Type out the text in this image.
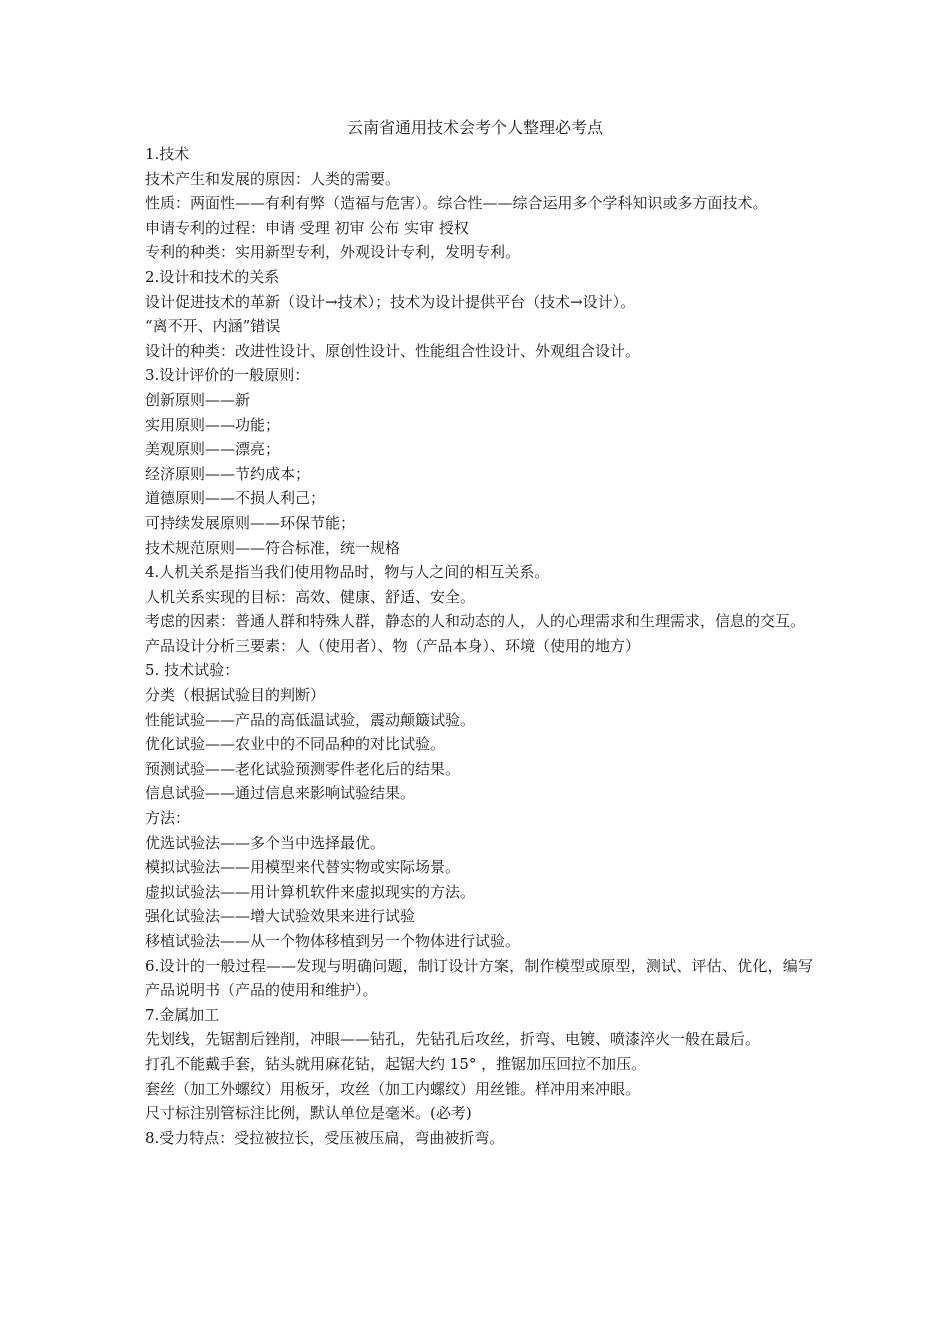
云南省通用技术会考个人整理必考点
1.技术
技术产生和发展的原因：人类的需要。
性质：两面性——有利有弊（造福与危害）。综合性——综合运用多个学科知识或多方面技术。
申请专利的过程：申请 受理 初审 公布 实审 授权
专利的种类：实用新型专利，外观设计专利，发明专利。
2.设计和技术的关系
设计促进技术的革新（设计→技术）；技术为设计提供平台（技术→设计）。
“离不开、内涵”错误
设计的种类：改进性设计、原创性设计、性能组合性设计、外观组合设计。
3.设计评价的一般原则：
创新原则——新
实用原则——功能；
美观原则——漂亮；
经济原则——节约成本；
道德原则——不损人利己；
可持续发展原则——环保节能；
技术规范原则——符合标准，统一规格
4.人机关系是指当我们使用物品时，物与人之间的相互关系。
人机关系实现的目标：高效、健康、舒适、安全。
考虑的因素：普通人群和特殊人群，静态的人和动态的人，人的心理需求和生理需求，信息的交互。
产品设计分析三要素：人（使用者）、物（产品本身）、环境（使用的地方）
5. 技术试验：
分类（根据试验目的判断）
性能试验——产品的高低温试验，震动颠簸试验。
优化试验——农业中的不同品种的对比试验。
预测试验——老化试验预测零件老化后的结果。
信息试验——通过信息来影响试验结果。
方法：
优选试验法——多个当中选择最优。
模拟试验法——用模型来代替实物或实际场景。
虚拟试验法——用计算机软件来虚拟现实的方法。
强化试验法——增大试验效果来进行试验
移植试验法——从一个物体移植到另一个物体进行试验。
6.设计的一般过程——发现与明确问题，制订设计方案，制作模型或原型，测试、评估、优化，编写产品说明书（产品的使用和维护）。
7.金属加工
先划线，先锯割后锉削，冲眼——钻孔，先钻孔后攻丝，折弯、电镀、喷漆淬火一般在最后。
打孔不能戴手套，钻头就用麻花钻，起锯大约 15° ，推锯加压回拉不加压。
套丝（加工外螺纹）用板牙，攻丝（加工内螺纹）用丝锥。样冲用来冲眼。
尺寸标注别管标注比例，默认单位是毫米。(必考)
8.受力特点：受拉被拉长，受压被压扁，弯曲被折弯。
